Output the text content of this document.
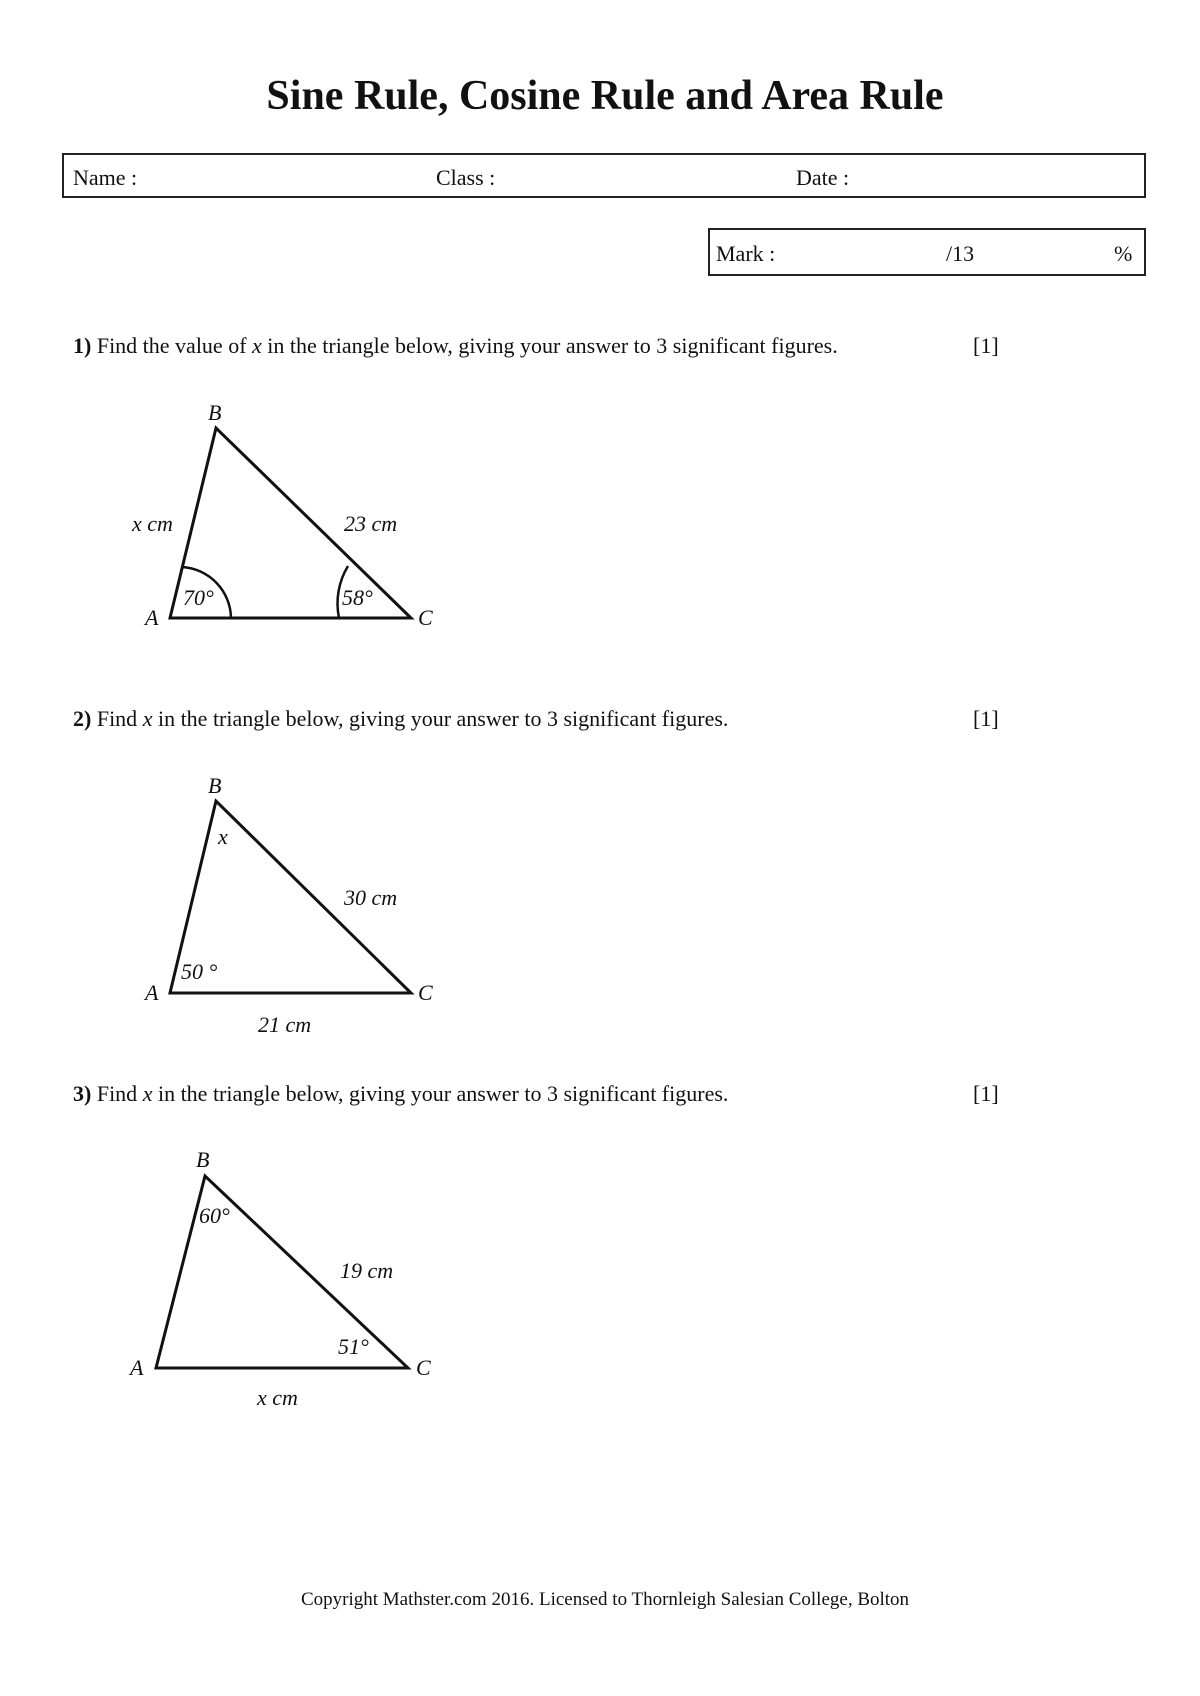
Sine Rule, Cosine Rule and Area Rule
Name :	Class :	Date :
Mark :	/13	%
1) Find the value of x in the triangle below, giving your answer to 3 significant figures.	[1]
B
A	C
x cm	23 cm
70°	58°
2) Find x in the triangle below, giving your answer to 3 significant figures.	[1]
B
A	C
x
30 cm
50 °
21 cm
3) Find x in the triangle below, giving your answer to 3 significant figures.	[1]
B
A	C
60°
19 cm
51°
x cm
Copyright Mathster.com 2016. Licensed to Thornleigh Salesian College, Bolton
